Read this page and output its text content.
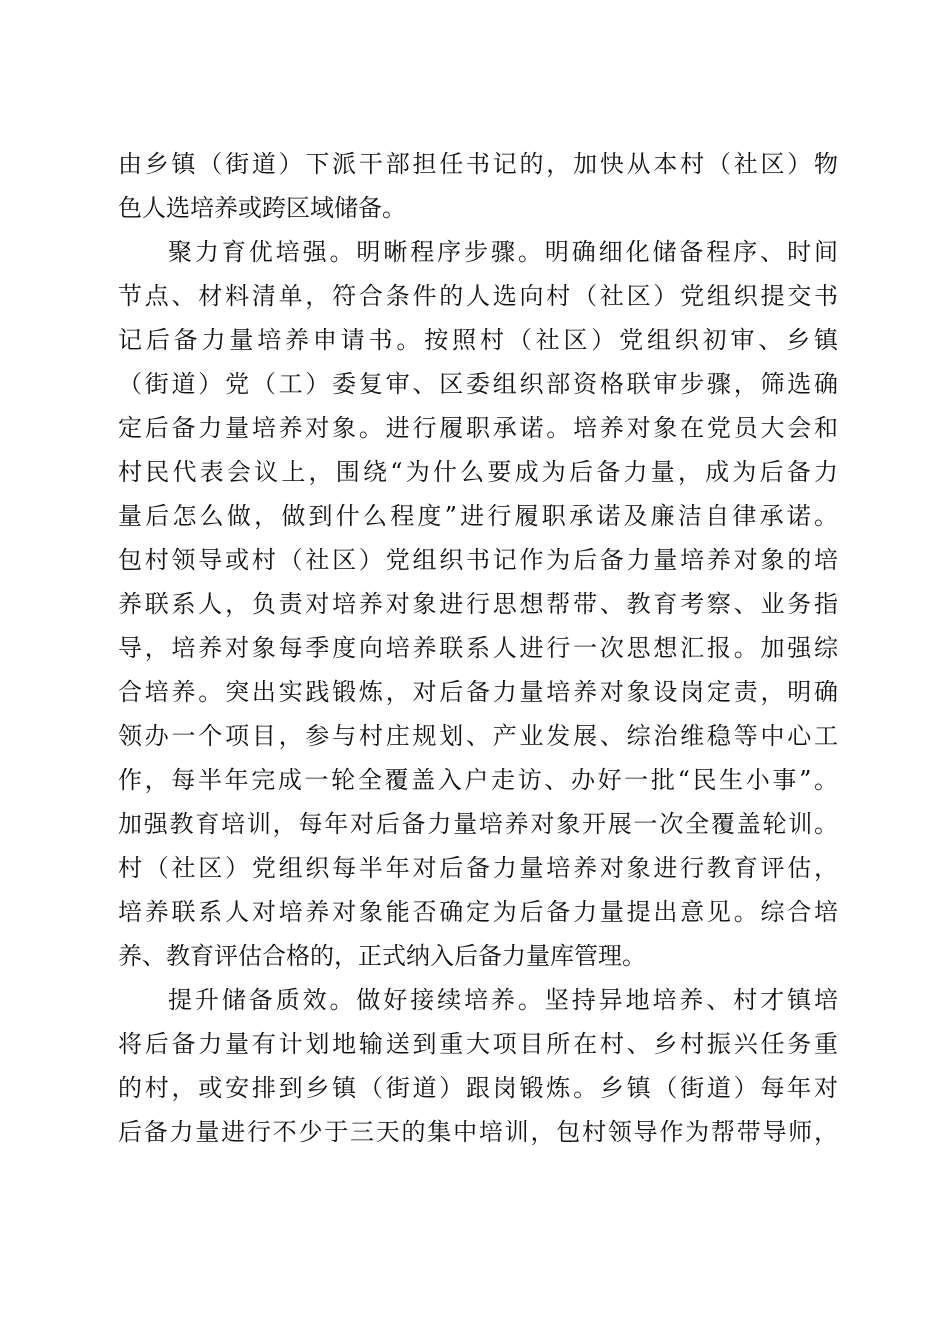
由乡镇（街道）下派干部担任书记的，加快从本村（社区）物
色人选培养或跨区域储备。
聚力育优培强。明晰程序步骤。明确细化储备程序、时间
节点、材料清单，符合条件的人选向村（社区）党组织提交书
记后备力量培养申请书。按照村（社区）党组织初审、乡镇
（街道）党（工）委复审、区委组织部资格联审步骤，筛选确
定后备力量培养对象。进行履职承诺。培养对象在党员大会和
村民代表会议上，围绕“为什么要成为后备力量，成为后备力
量后怎么做，做到什么程度”进行履职承诺及廉洁自律承诺。
包村领导或村（社区）党组织书记作为后备力量培养对象的培
养联系人，负责对培养对象进行思想帮带、教育考察、业务指
导，培养对象每季度向培养联系人进行一次思想汇报。加强综
合培养。突出实践锻炼，对后备力量培养对象设岗定责，明确
领办一个项目，参与村庄规划、产业发展、综治维稳等中心工
作，每半年完成一轮全覆盖入户走访、办好一批“民生小事”。
加强教育培训，每年对后备力量培养对象开展一次全覆盖轮训。
村（社区）党组织每半年对后备力量培养对象进行教育评估，
培养联系人对培养对象能否确定为后备力量提出意见。综合培
养、教育评估合格的，正式纳入后备力量库管理。
提升储备质效。做好接续培养。坚持异地培养、村才镇培
将后备力量有计划地输送到重大项目所在村、乡村振兴任务重
的村，或安排到乡镇（街道）跟岗锻炼。乡镇（街道）每年对
后备力量进行不少于三天的集中培训，包村领导作为帮带导师，
